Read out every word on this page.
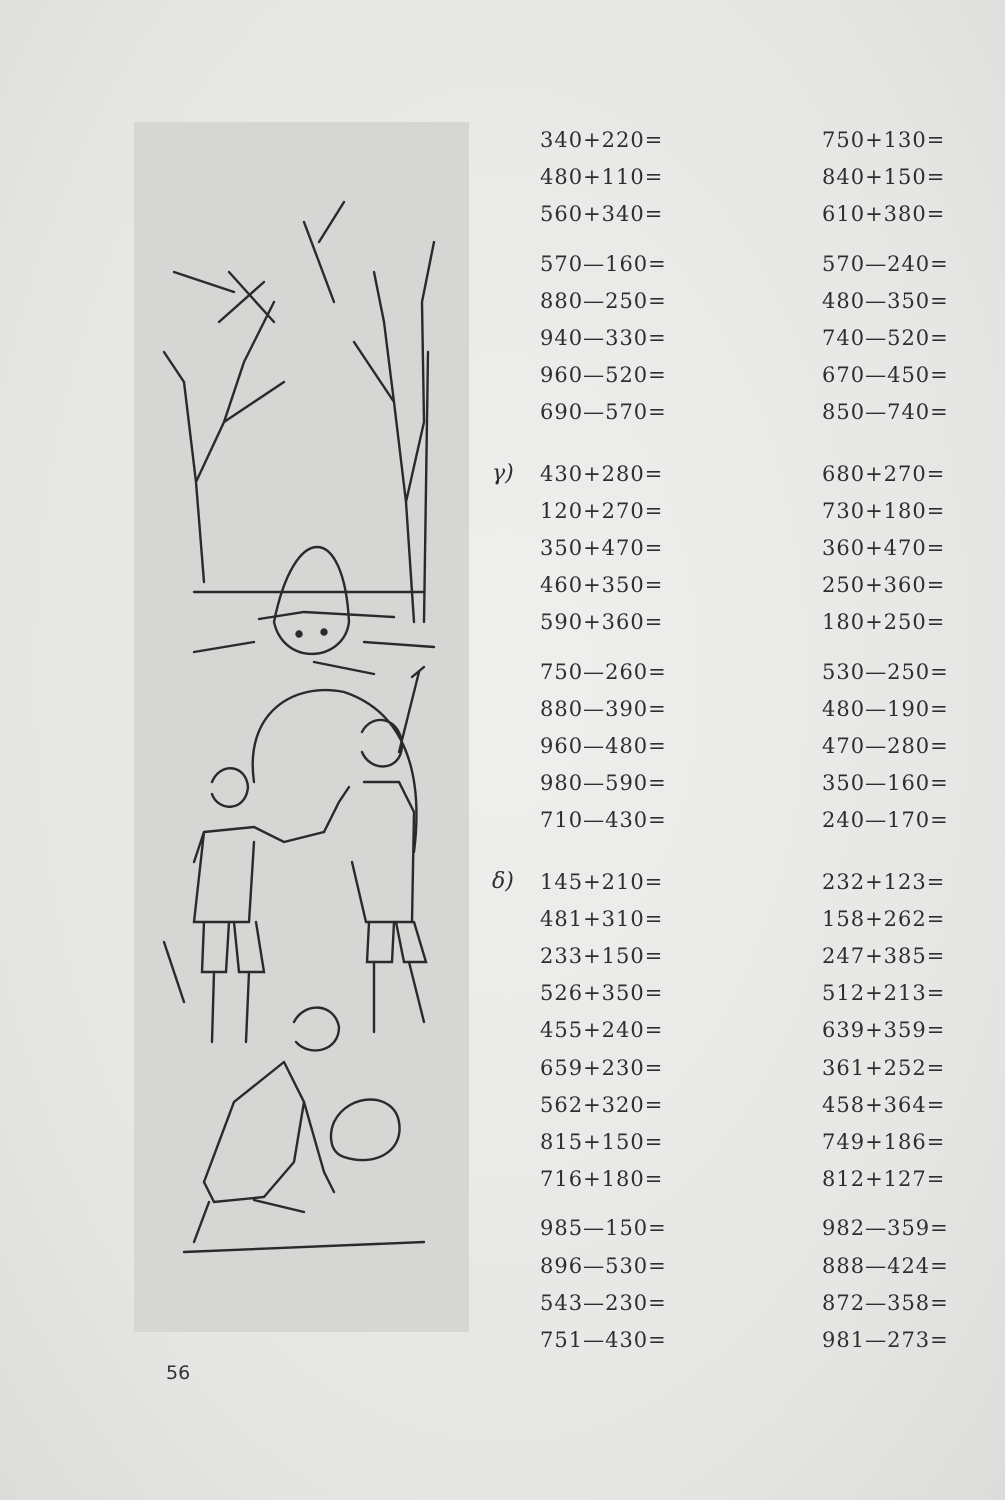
340+220=	750+130=
480+110=	840+150=
560+340=	610+380=
570—160=	570—240=
880—250=	480—350=
940—330=	740—520=
960—520=	670—450=
690—570=	850—740=
γ) 430+280=	680+270=
120+270=	730+180=
350+470=	360+470=
460+350=	250+360=
590+360=	180+250=
750—260=	530—250=
880—390=	480—190=
960—480=	470—280=
980—590=	350—160=
710—430=	240—170=
δ) 145+210=	232+123=
481+310=	158+262=
233+150=	247+385=
526+350=	512+213=
455+240=	639+359=
659+230=	361+252=
562+320=	458+364=
815+150=	749+186=
716+180=	812+127=
985—150=	982—359=
896—530=	888—424=
543—230=	872—358=
751—430=	981—273=
56
